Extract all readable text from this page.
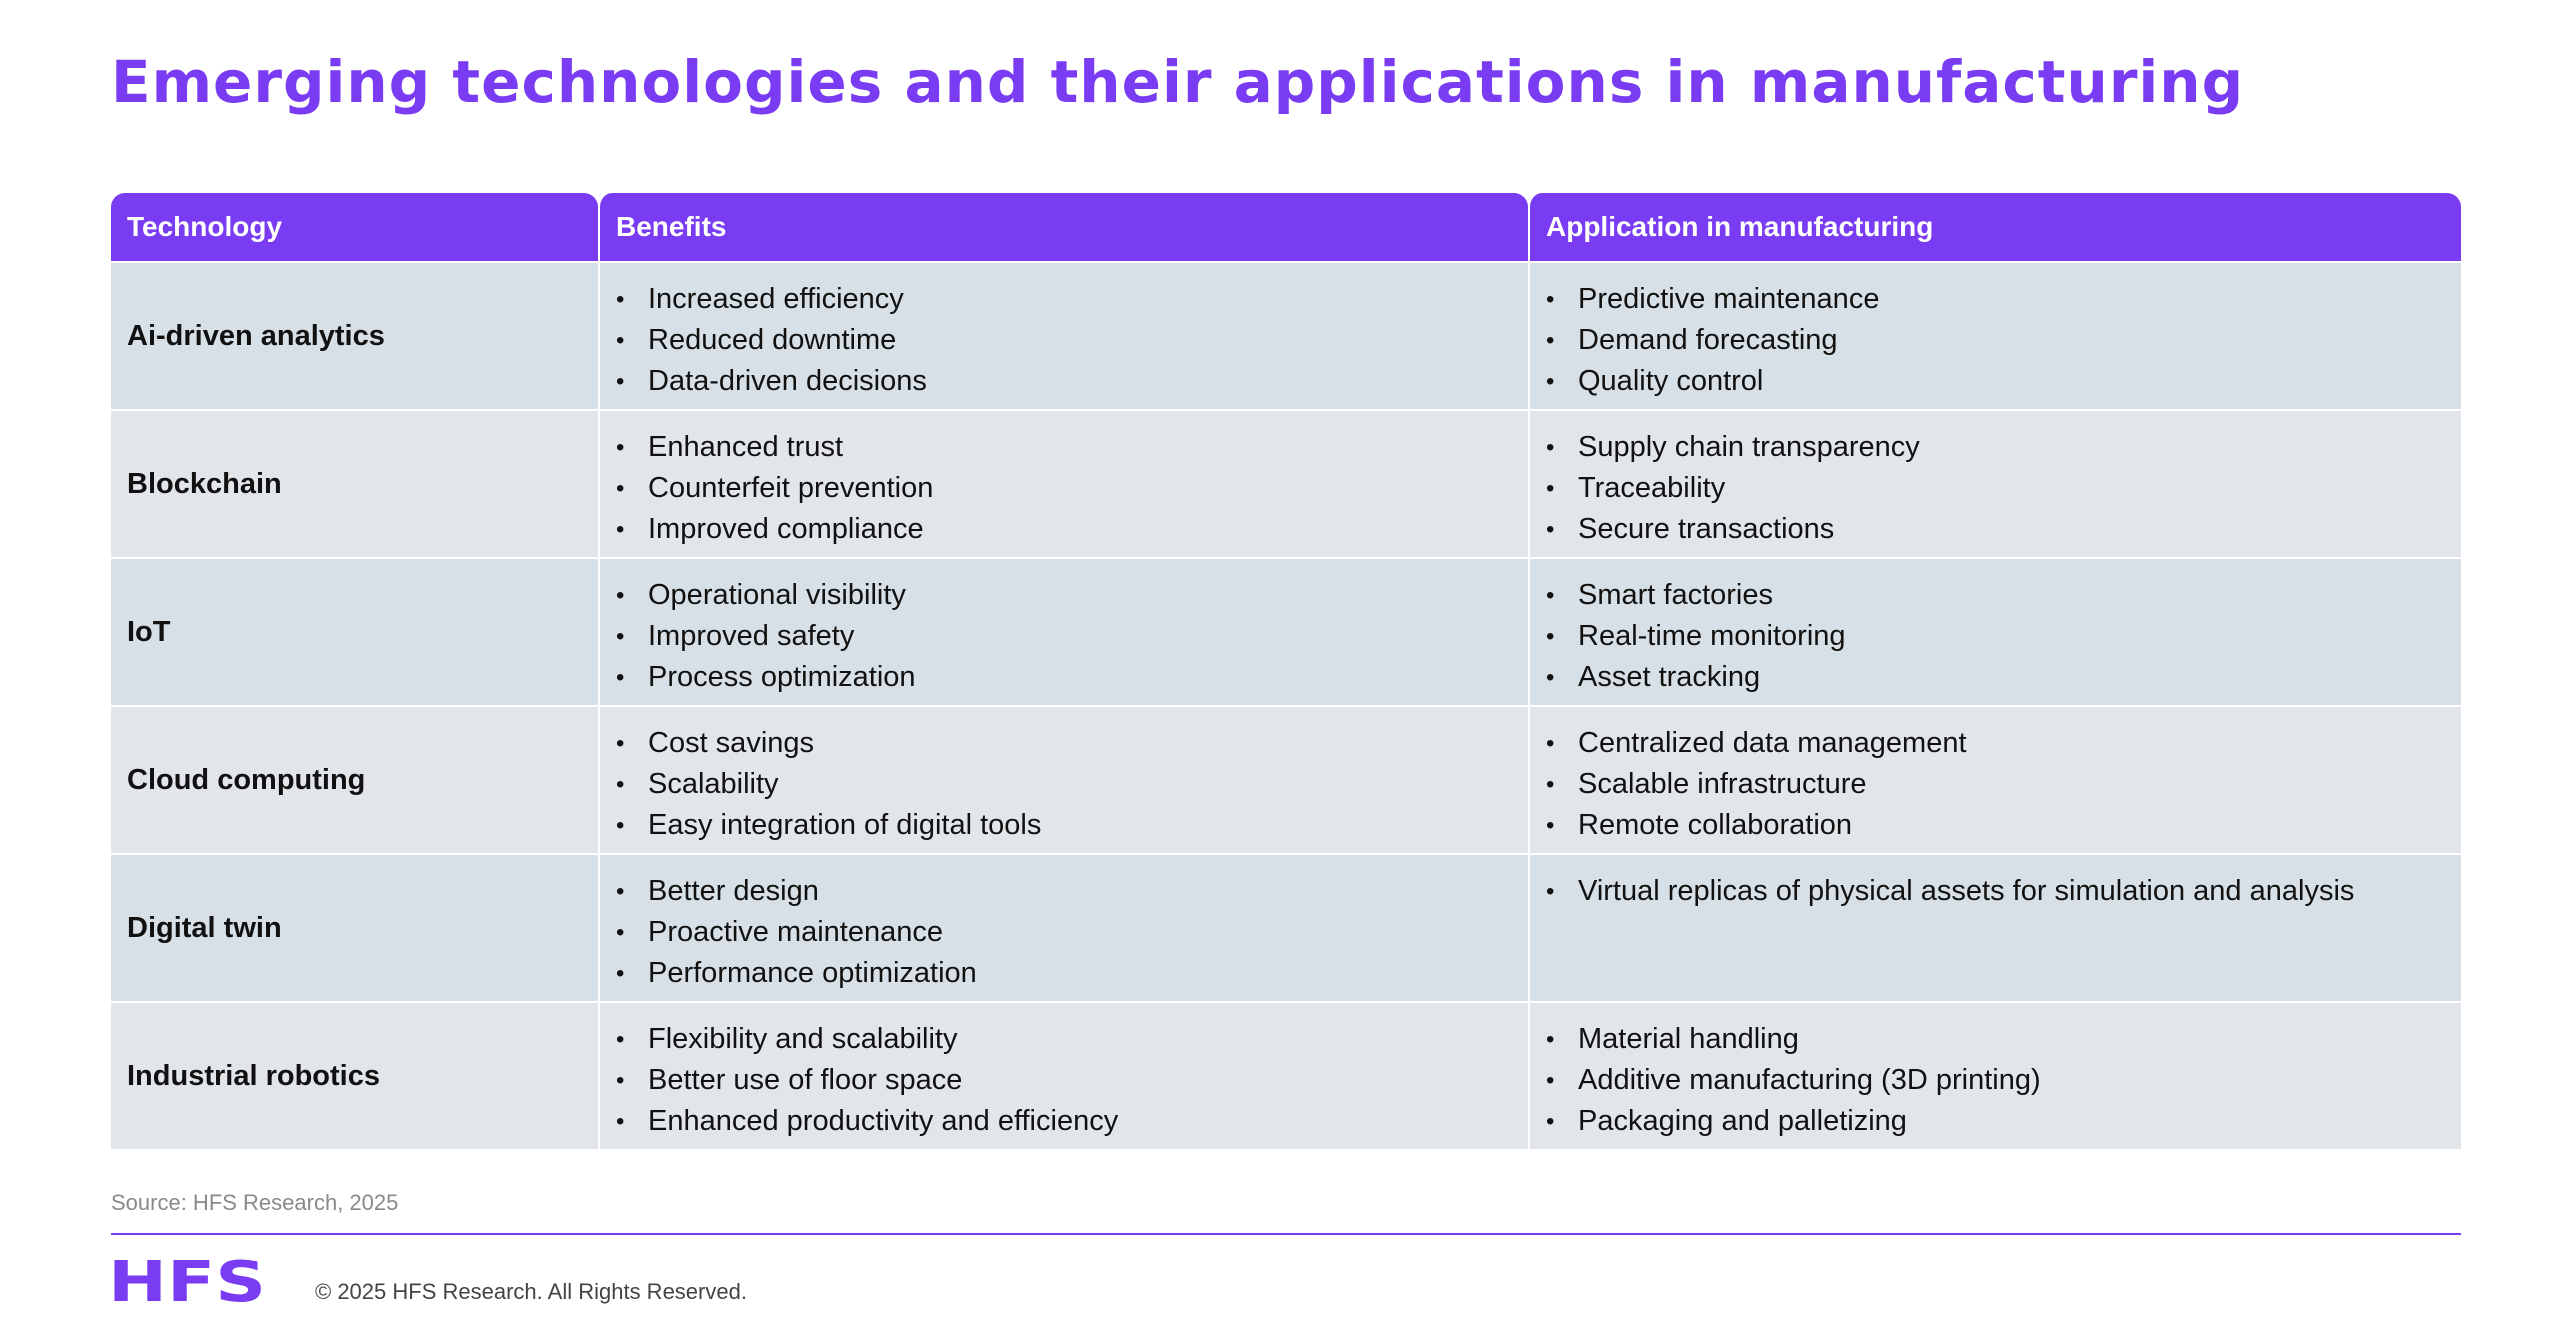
Emerging technologies and their applications in manufacturing
Technology	Benefits	Application in manufacturing
Ai-driven analytics
• Increased efficiency
• Reduced downtime
• Data-driven decisions
• Predictive maintenance
• Demand forecasting
• Quality control
Blockchain
• Enhanced trust
• Counterfeit prevention
• Improved compliance
• Supply chain transparency
• Traceability
• Secure transactions
IoT
• Operational visibility
• Improved safety
• Process optimization
• Smart factories
• Real-time monitoring
• Asset tracking
Cloud computing
• Cost savings
• Scalability
• Easy integration of digital tools
• Centralized data management
• Scalable infrastructure
• Remote collaboration
Digital twin
• Better design
• Proactive maintenance
• Performance optimization
• Virtual replicas of physical assets for simulation and analysis
Industrial robotics
• Flexibility and scalability
• Better use of floor space
• Enhanced productivity and efficiency
• Material handling
• Additive manufacturing (3D printing)
• Packaging and palletizing
Source: HFS Research, 2025
HFS © 2025 HFS Research. All Rights Reserved.
